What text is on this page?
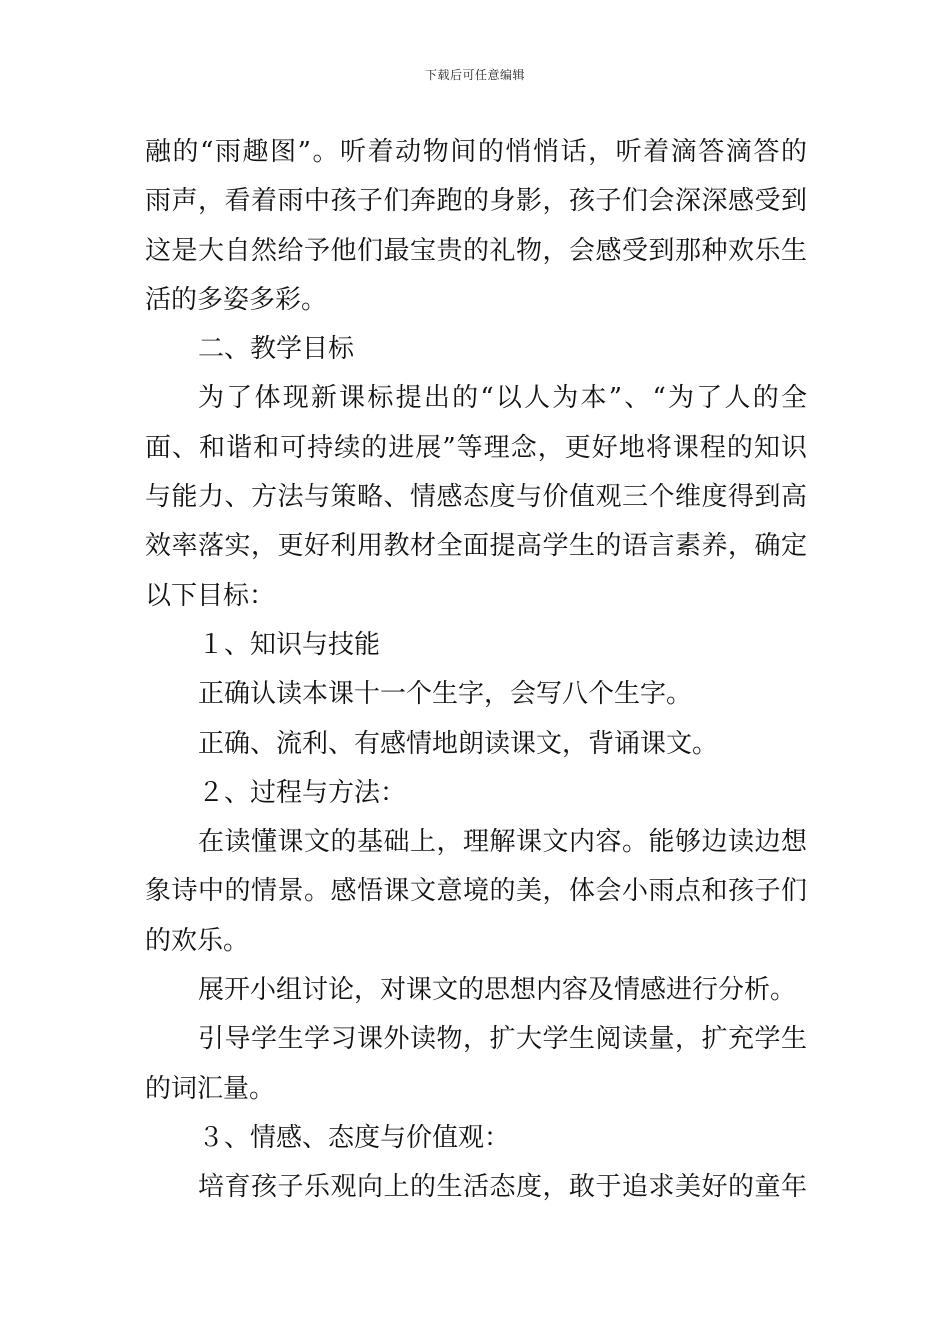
下载后可任意编辑
融的“雨趣图”。听着动物间的悄悄话，听着滴答滴答的
雨声，看着雨中孩子们奔跑的身影，孩子们会深深感受到
这是大自然给予他们最宝贵的礼物，会感受到那种欢乐生
活的多姿多彩。
二、教学目标
为了体现新课标提出的“以人为本”、“为了人的全
面、和谐和可持续的进展”等理念，更好地将课程的知识
与能力、方法与策略、情感态度与价值观三个维度得到高
效率落实，更好利用教材全面提高学生的语言素养，确定
以下目标：
１、知识与技能
正确认读本课十一个生字，会写八个生字。
正确、流利、有感情地朗读课文，背诵课文。
２、过程与方法：
在读懂课文的基础上，理解课文内容。能够边读边想
象诗中的情景。感悟课文意境的美，体会小雨点和孩子们
的欢乐。
展开小组讨论，对课文的思想内容及情感进行分析。
引导学生学习课外读物，扩大学生阅读量，扩充学生
的词汇量。
３、情感、态度与价值观：
培育孩子乐观向上的生活态度，敢于追求美好的童年
